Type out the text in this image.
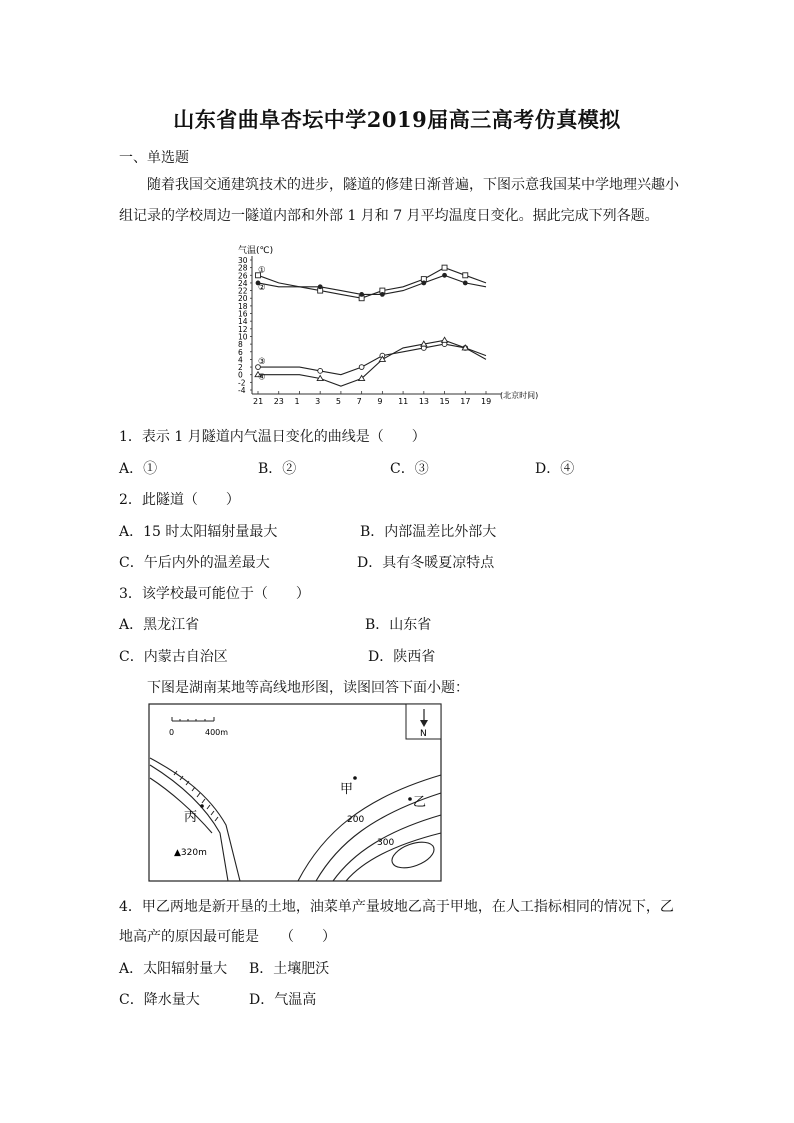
山东省曲阜杏坛中学2019届高三高考仿真模拟
一、单选题
随着我国交通建筑技术的进步，隧道的修建日渐普遍，下图示意我国某中学地理兴趣小
组记录的学校周边一隧道内部和外部 1 月和 7 月平均温度日变化。据此完成下列各题。
气温(℃)
30
28
26
24
22
20
18
16
14
12
10
8
6
4
2
0
-2
-4
21 23 1 3 5 7 9 11 13 15 17 19
(北京时间)
①
②
③
④
1．表示 1 月隧道内气温日变化的曲线是（　　）
A．①	B．②	C．③	D．④
2．此隧道（　　）
A．15 时太阳辐射量最大	B．内部温差比外部大
C．午后内外的温差最大	D．具有冬暖夏凉特点
3．该学校最可能位于（　　）
A．黑龙江省	B．山东省
C．内蒙古自治区	D．陕西省
下图是湖南某地等高线地形图，读图回答下面小题：
0	400m	N
甲
乙
丙	200
300
▲320m
4．甲乙两地是新开垦的土地，油菜单产量坡地乙高于甲地，在人工指标相同的情况下，乙
地高产的原因最可能是　　（　　）
A．太阳辐射量大 B．土壤肥沃
C．降水量大	D．气温高
